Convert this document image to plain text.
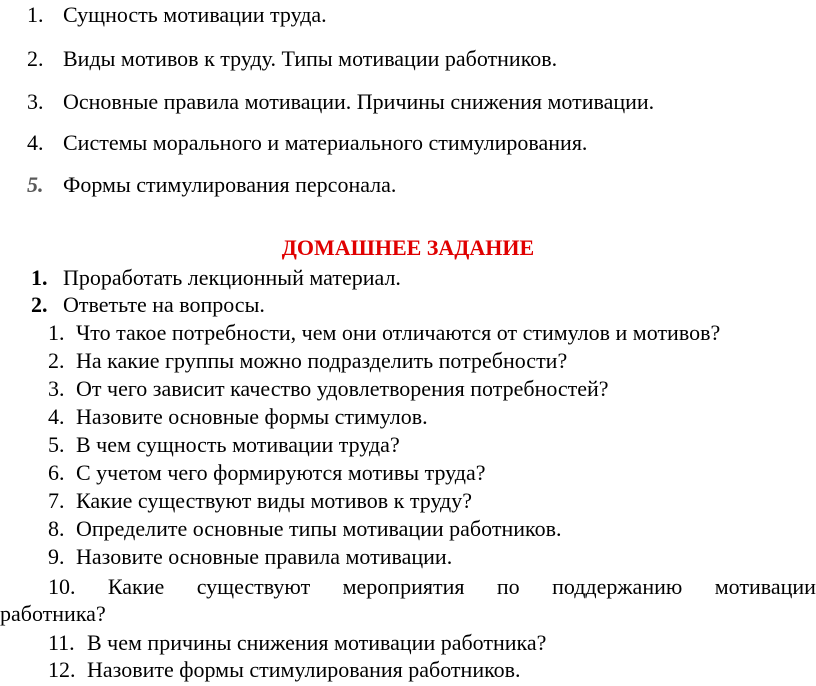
1. Сущность мотивации труда.
2. Виды мотивов к труду. Типы мотивации работников.
3. Основные правила мотивации. Причины снижения мотивации.
4. Системы морального и материального стимулирования.
5. Формы стимулирования персонала.
ДОМАШНЕЕ ЗАДАНИЕ
1. Проработать лекционный материал.
2. Ответьте на вопросы.
1. Что такое потребности, чем они отличаются от стимулов и мотивов?
2. На какие группы можно подразделить потребности?
3. От чего зависит качество удовлетворения потребностей?
4. Назовите основные формы стимулов.
5. В чем сущность мотивации труда?
6. С учетом чего формируются мотивы труда?
7. Какие существуют виды мотивов к труду?
8. Определите основные типы мотивации работников.
9. Назовите основные правила мотивации.
10. Какие существуют мероприятия по поддержанию мотивации
работника?
11. В чем причины снижения мотивации работника?
12. Назовите формы стимулирования работников.
